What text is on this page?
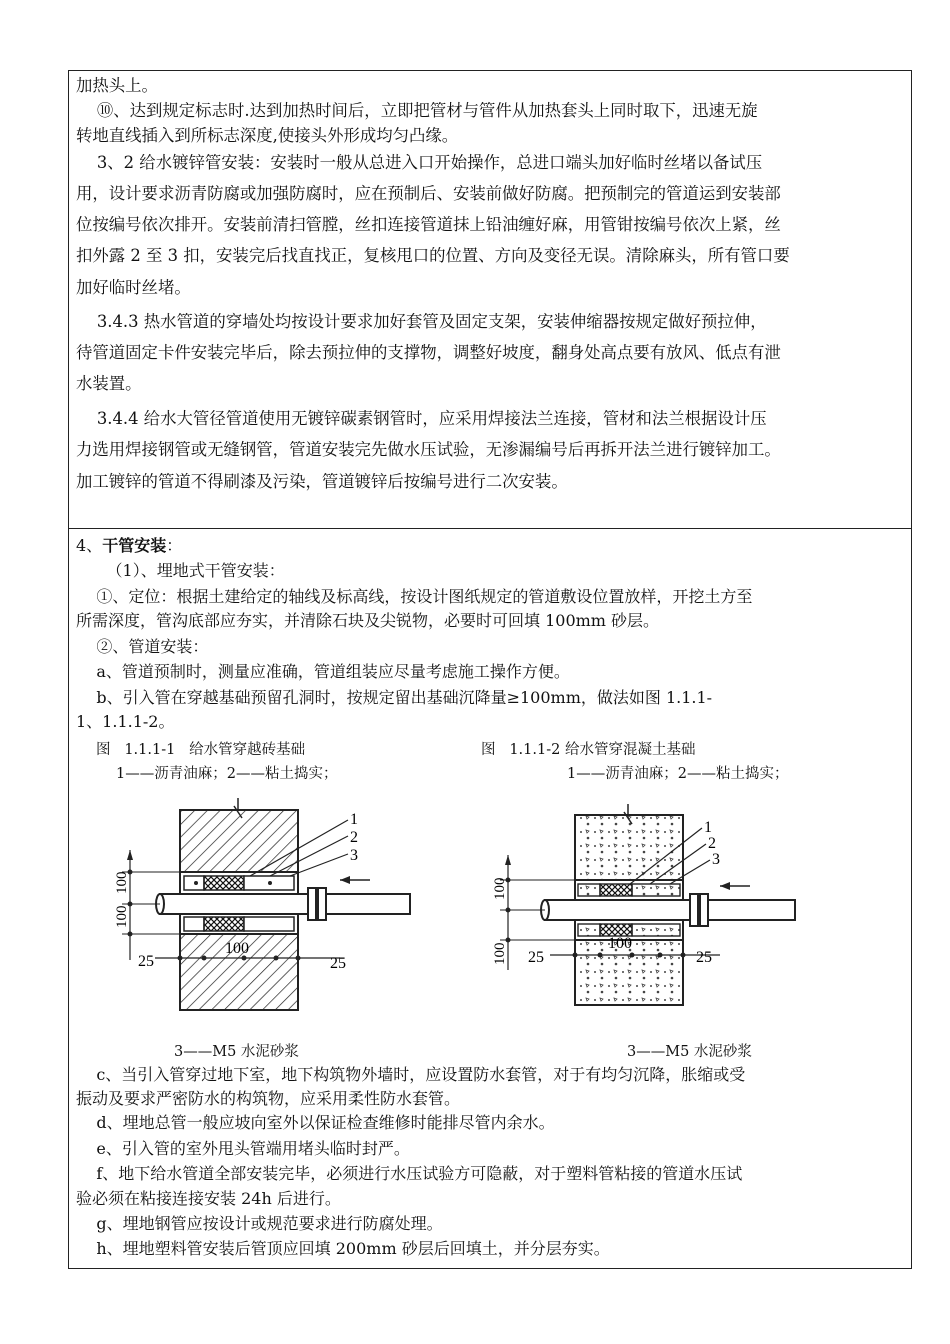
加热头上。
⑩、达到规定标志时.达到加热时间后，立即把管材与管件从加热套头上同时取下，迅速无旋
转地直线插入到所标志深度,使接头外形成均匀凸缘。
3、2 给水镀锌管安装：安装时一般从总进入口开始操作，总进口端头加好临时丝堵以备试压
用，设计要求沥青防腐或加强防腐时，应在预制后、安装前做好防腐。把预制完的管道运到安装部
位按编号依次排开。安装前清扫管膛，丝扣连接管道抹上铅油缠好麻，用管钳按编号依次上紧，丝
扣外露 2 至 3 扣，安装完后找直找正，复核甩口的位置、方向及变径无误。清除麻头，所有管口要
加好临时丝堵。
3.4.3 热水管道的穿墙处均按设计要求加好套管及固定支架，安装伸缩器按规定做好预拉伸，
待管道固定卡件安装完毕后，除去预拉伸的支撑物，调整好坡度，翻身处高点要有放风、低点有泄
水装置。
3.4.4 给水大管径管道使用无镀锌碳素钢管时，应采用焊接法兰连接，管材和法兰根据设计压
力选用焊接钢管或无缝钢管，管道安装完先做水压试验，无渗漏编号后再拆开法兰进行镀锌加工。
加工镀锌的管道不得刷漆及污染，管道镀锌后按编号进行二次安装。
4、干管安装：
（1）、埋地式干管安装：
①、定位：根据土建给定的轴线及标高线，按设计图纸规定的管道敷设位置放样，开挖土方至
所需深度，管沟底部应夯实，并清除石块及尖锐物，必要时可回填 100mm 砂层。
②、管道安装：
a、管道预制时，测量应准确，管道组装应尽量考虑施工操作方便。
b、引入管在穿越基础预留孔洞时，按规定留出基础沉降量≥100mm，做法如图 1.1.1-
1、1.1.1-2。
图   1.1.1-1   给水管穿越砖基础
1——沥青油麻；2——粘土捣实；
图   1.1.1-2 给水管穿混凝土基础
1——沥青油麻；2——粘土捣实；
1
2
3
100
100
25
100
25
1
2
3
100
100 25
100
25
3——M5 水泥砂浆	3——M5 水泥砂浆
c、当引入管穿过地下室，地下构筑物外墙时，应设置防水套管，对于有均匀沉降，胀缩或受
振动及要求严密防水的构筑物，应采用柔性防水套管。
d、埋地总管一般应坡向室外以保证检查维修时能排尽管内余水。
e、引入管的室外甩头管端用堵头临时封严。
f、地下给水管道全部安装完毕，必须进行水压试验方可隐蔽，对于塑料管粘接的管道水压试
验必须在粘接连接安装 24h 后进行。
g、埋地钢管应按设计或规范要求进行防腐处理。
h、埋地塑料管安装后管顶应回填 200mm 砂层后回填土，并分层夯实。
